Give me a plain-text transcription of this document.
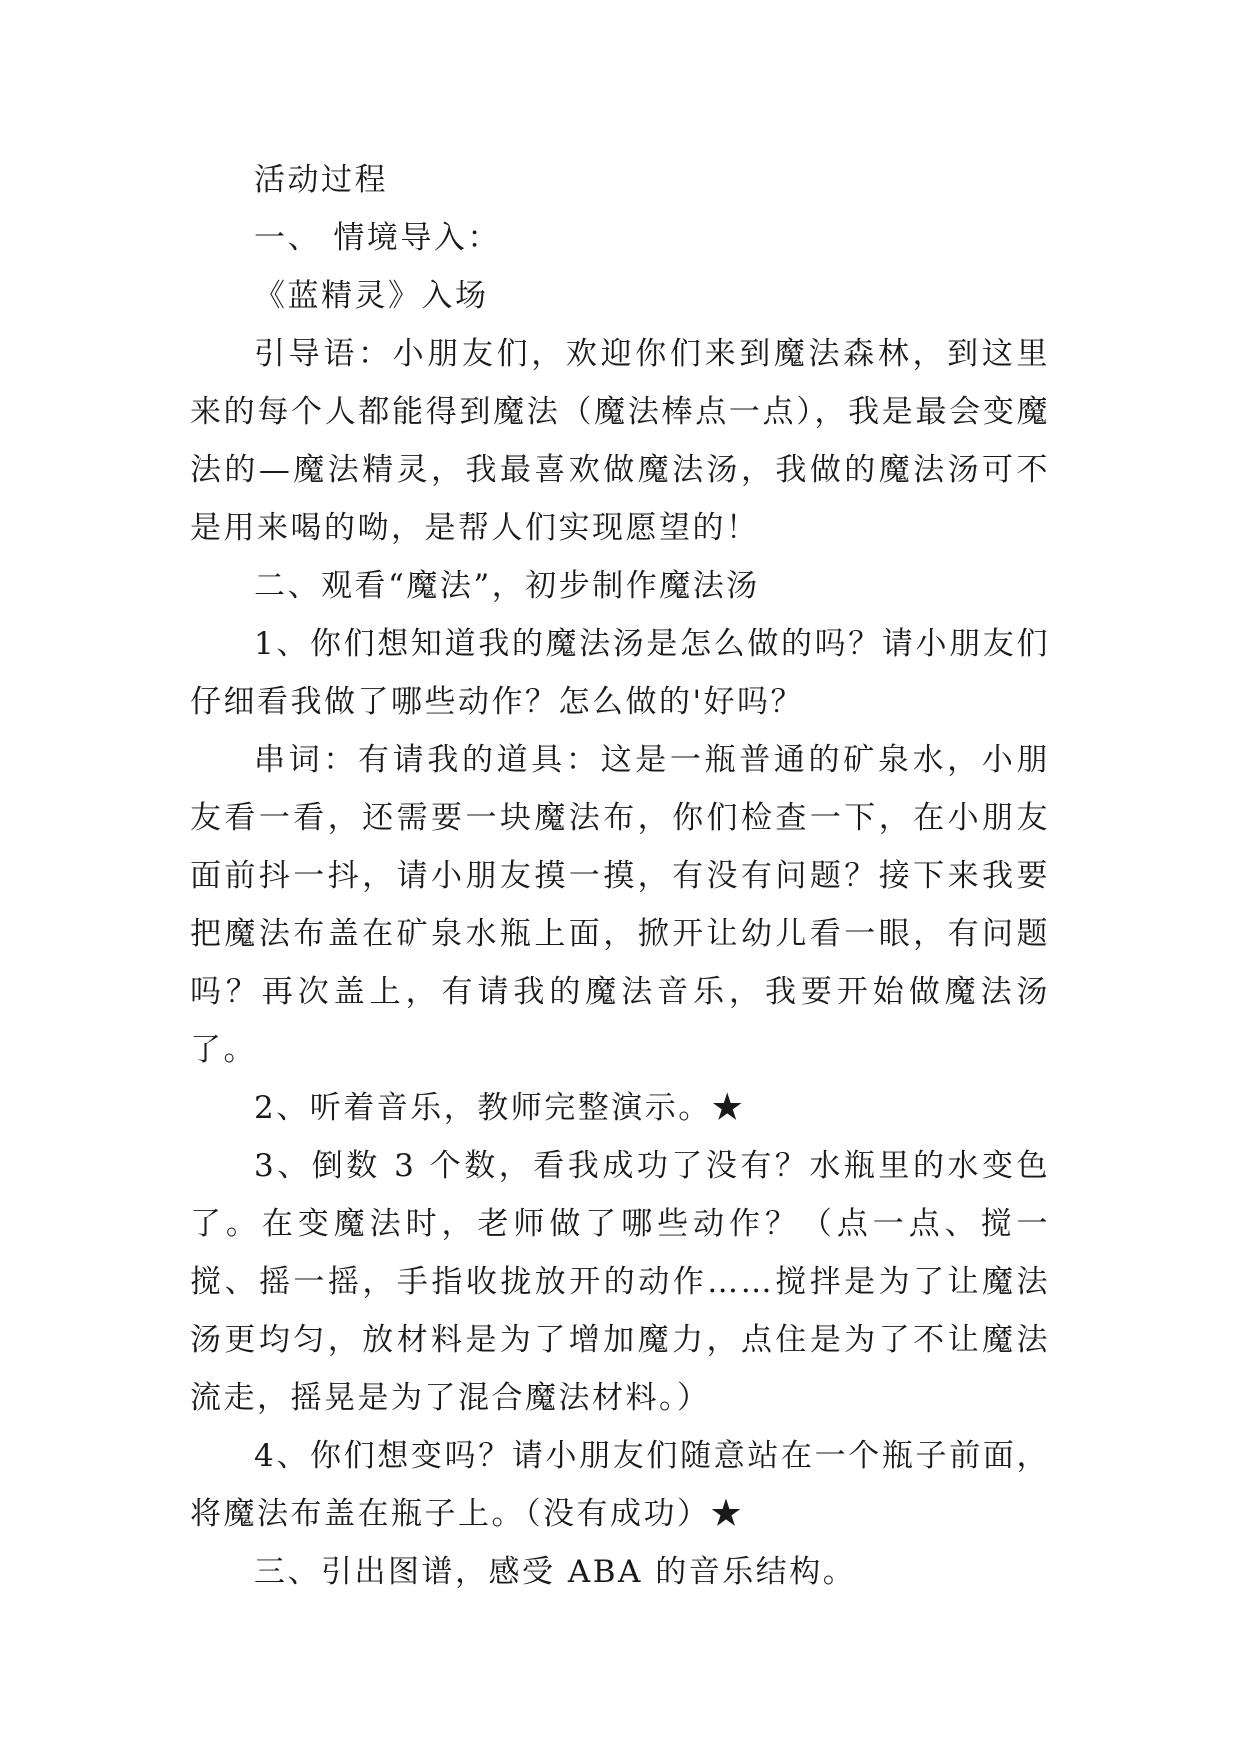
活动过程

一、 情境导入：

《蓝精灵》入场

引导语：小朋友们，欢迎你们来到魔法森林，到这里来的每个人都能得到魔法（魔法棒点一点），我是最会变魔法的—魔法精灵，我最喜欢做魔法汤，我做的魔法汤可不是用来喝的呦，是帮人们实现愿望的！

二、观看“魔法”，初步制作魔法汤

1、你们想知道我的魔法汤是怎么做的吗？请小朋友们仔细看我做了哪些动作？怎么做的'好吗？

串词：有请我的道具：这是一瓶普通的矿泉水，小朋友看一看，还需要一块魔法布，你们检查一下，在小朋友面前抖一抖，请小朋友摸一摸，有没有问题？接下来我要把魔法布盖在矿泉水瓶上面，掀开让幼儿看一眼，有问题吗？再次盖上，有请我的魔法音乐，我要开始做魔法汤了。

2、听着音乐，教师完整演示。★

3、倒数 3 个数，看我成功了没有？水瓶里的水变色了。在变魔法时，老师做了哪些动作？（点一点、搅一搅、摇一摇，手指收拢放开的动作……搅拌是为了让魔法汤更均匀，放材料是为了增加魔力，点住是为了不让魔法流走，摇晃是为了混合魔法材料。）

4、你们想变吗？请小朋友们随意站在一个瓶子前面，将魔法布盖在瓶子上。（没有成功）★

三、引出图谱，感受 ABA 的音乐结构。
